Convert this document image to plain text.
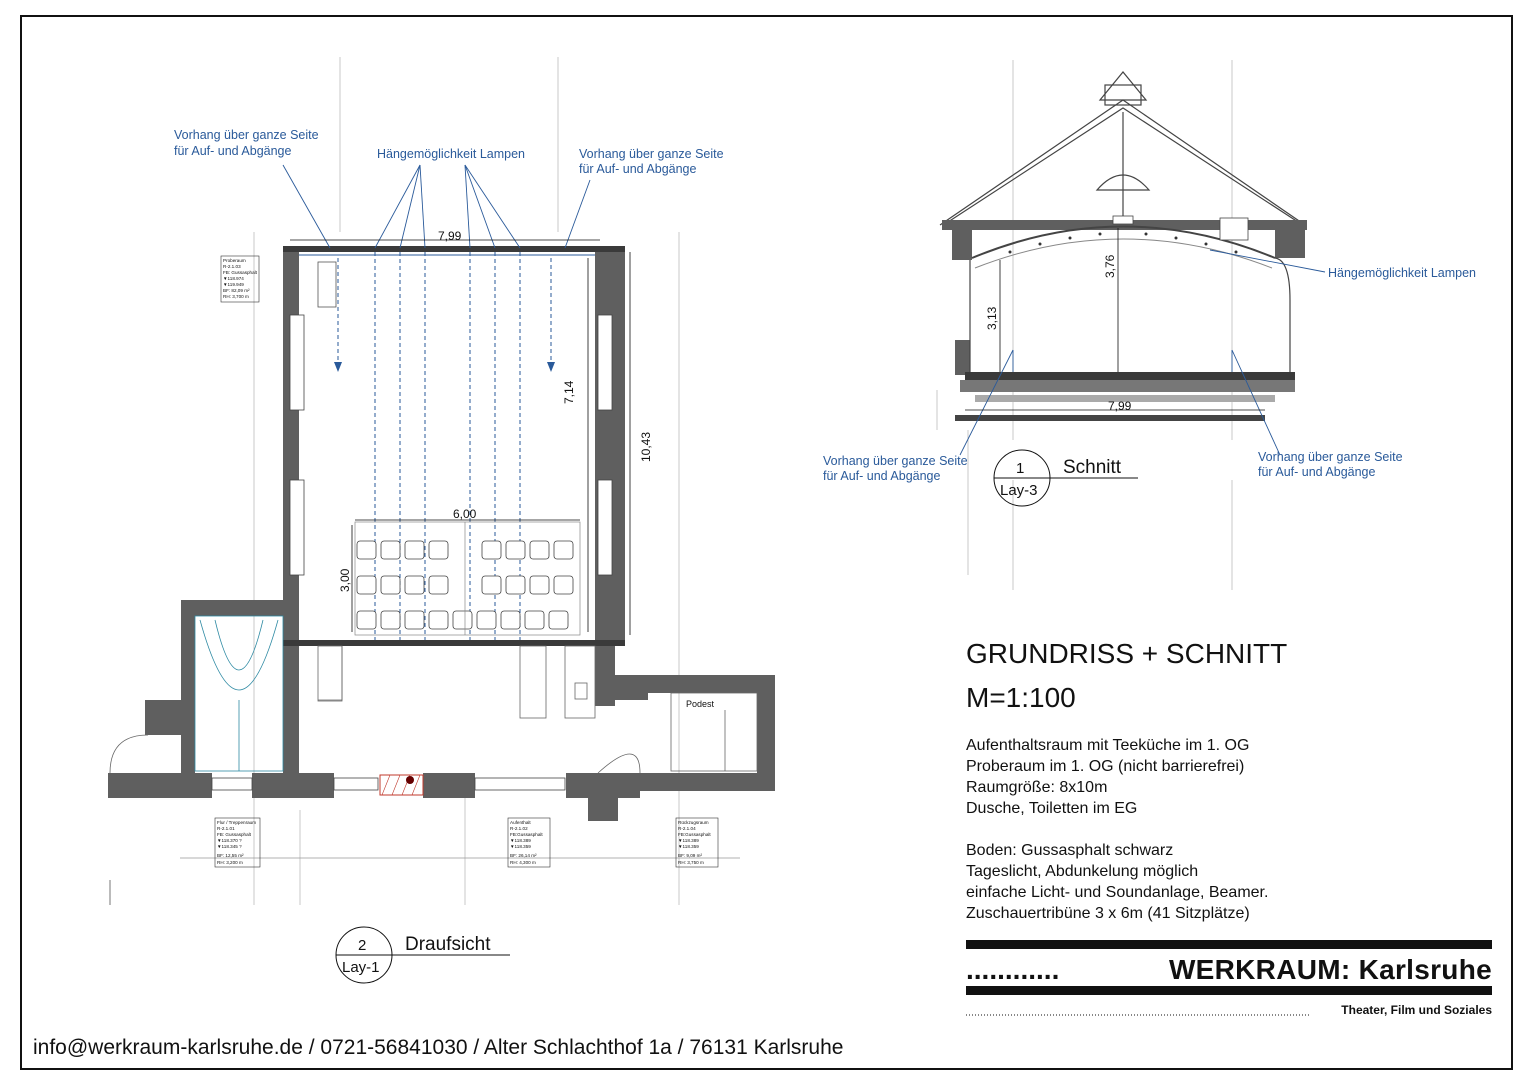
7,99
6,00
3,00
7,14
10,43
Podest
Vorhang über ganze Seite
für Auf- und Abgänge	Hängemöglichkeit Lampen	Vorhang über ganze Seite
für Auf- und Abgänge
Proberaum
R-2.1.03
FB: Gussasphalt
▼118.974
▼119.949
BF: 82,09 m²
RH: 3,700 m
Flur / Treppenraum
R-2.1.01
FB: Gussasphalt
▼118.370 ?
▼118.345 ?
BF: 12,55 m²
RH: 3,200 m
Aufenthalt
R-2.1.02
FB:Gussasphalt
▼118.389
▼118.359
BF: 26,14 m²
RH: 4,300 m
Rückzugsraum
R-2.1.04
FB:Gussasphalt
▼118.389
▼118.359
BF: 9,09 m²
RH: 3,750 m
2
Lay-1
Draufsicht
3,13
3,76
7,99
Hängemöglichkeit Lampen
Vorhang über ganze Seite
für Auf- und Abgänge
Vorhang über ganze Seite
für Auf- und Abgänge
1
Lay-3
Schnitt
GRUNDRISS + SCHNITT
M=1:100
Aufenthaltsraum mit Teeküche im 1. OG
Proberaum im 1. OG (nicht barrierefrei)
Raumgröße: 8x10m
Dusche, Toiletten im EG
Boden: Gussasphalt schwarz
Tageslicht, Abdunkelung möglich
einfache Licht- und Soundanlage, Beamer.
Zuschauertribüne 3 x 6m (41 Sitzplätze)
............	WERKRAUM: Karlsruhe
Theater, Film und Soziales
info@werkraum-karlsruhe.de / 0721-56841030 / Alter Schlachthof 1a / 76131 Karlsruhe
